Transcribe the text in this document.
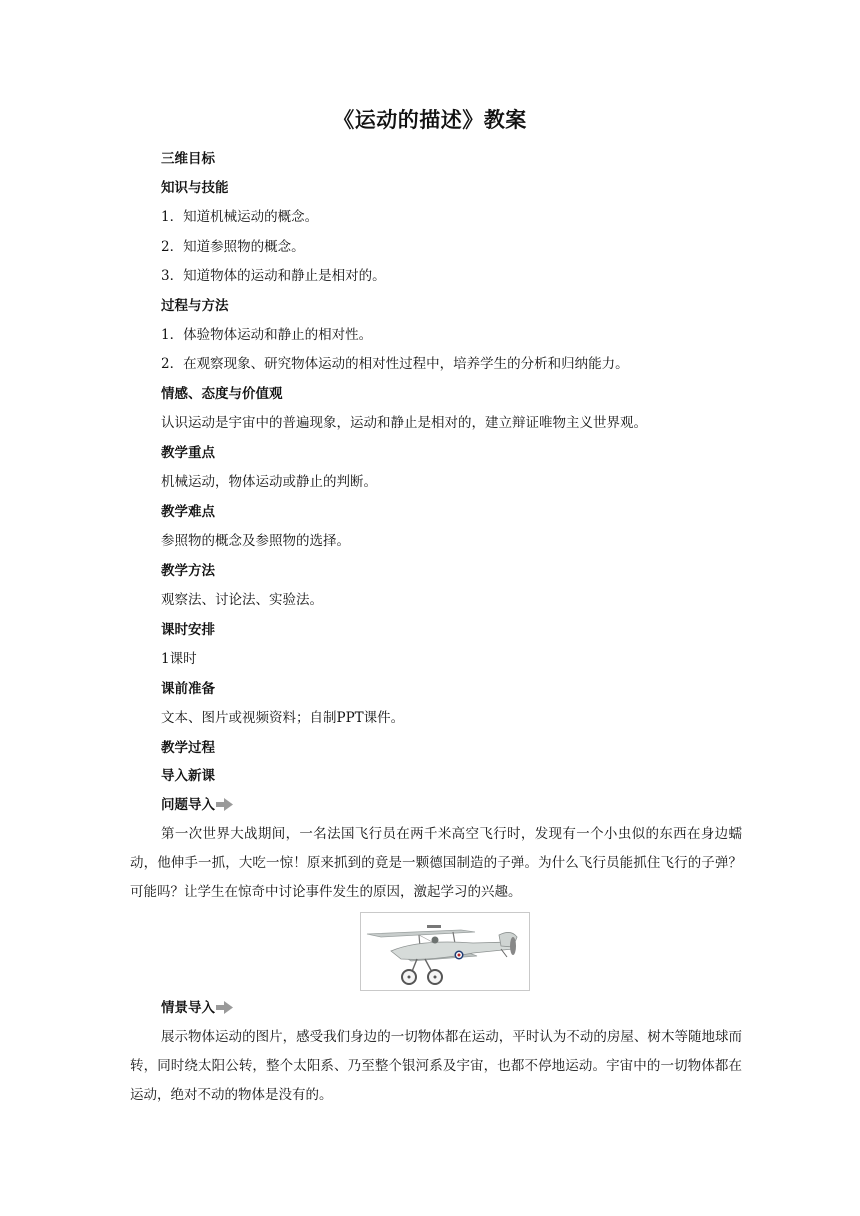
《运动的描述》教案
三维目标
知识与技能
1．知道机械运动的概念。
2．知道参照物的概念。
3．知道物体的运动和静止是相对的。
过程与方法
1．体验物体运动和静止的相对性。
2．在观察现象、研究物体运动的相对性过程中，培养学生的分析和归纳能力。
情感、态度与价值观
认识运动是宇宙中的普遍现象，运动和静止是相对的，建立辩证唯物主义世界观。
教学重点
机械运动，物体运动或静止的判断。
教学难点
参照物的概念及参照物的选择。
教学方法
观察法、讨论法、实验法。
课时安排
1课时
课前准备
文本、图片或视频资料；自制PPT课件。
教学过程
导入新课
问题导入

第一次世界大战期间，一名法国飞行员在两千米高空飞行时，发现有一个小虫似的东西在身边蠕动，他伸手一抓，大吃一惊！原来抓到的竟是一颗德国制造的子弹。为什么飞行员能抓住飞行的子弹？可能吗？让学生在惊奇中讨论事件发生的原因，激起学习的兴趣。

情景导入

展示物体运动的图片，感受我们身边的一切物体都在运动，平时认为不动的房屋、树木等随地球而转，同时绕太阳公转，整个太阳系、乃至整个银河系及宇宙，也都不停地运动。宇宙中的一切物体都在运动，绝对不动的物体是没有的。
